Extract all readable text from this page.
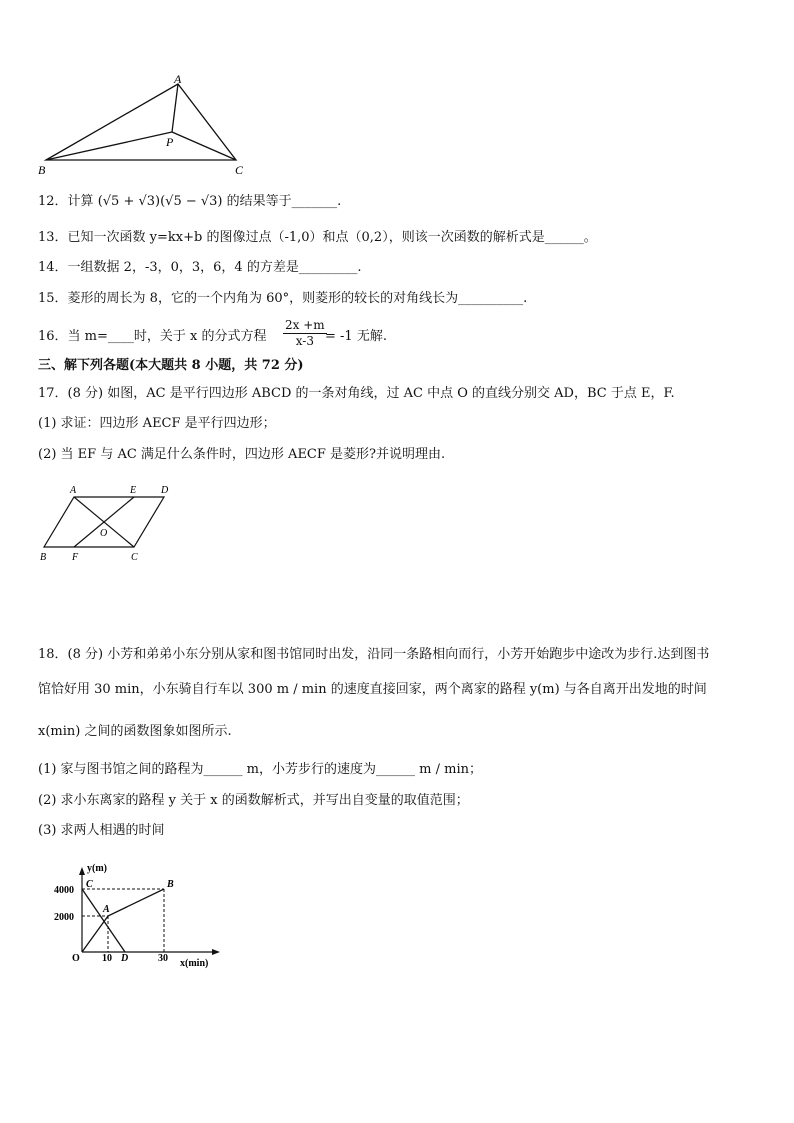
A
B	C
P
12．计算 (√5 + √3)(√5 − √3) 的结果等于_______.
13．已知一次函数 y=kx+b 的图像过点（-1,0）和点（0,2），则该一次函数的解析式是______。
14．一组数据 2，-3，0，3，6，4 的方差是_________.
15．菱形的周长为 8，它的一个内角为 60°，则菱形的较长的对角线长为__________.
16．当 m=____时，关于 x 的分式方程 $\frac{2x +m}{x-3}$
= -1 无解.
三、解下列各题(本大题共 8 小题，共 72 分)
17．(8 分) 如图，AC 是平行四边形 ABCD 的一条对角线，过 AC 中点 O 的直线分别交 AD，BC 于点 E，F.
(1) 求证：四边形 AECF 是平行四边形；
(2) 当 EF 与 AC 满足什么条件时，四边形 AECF 是菱形?并说明理由.
A	E D
O
B	F	C
18．(8 分) 小芳和弟弟小东分别从家和图书馆同时出发，沿同一条路相向而行，小芳开始跑步中途改为步行.达到图书
馆恰好用 30 min，小东骑自行车以 300 m / min 的速度直接回家，两个离家的路程 y(m) 与各自离开出发地的时间
x(min) 之间的函数图象如图所示.
(1) 家与图书馆之间的路程为______ m，小芳步行的速度为______ m / min；
(2) 求小东离家的路程 y 关于 x 的函数解析式，并写出自变量的取值范围；
(3) 求两人相遇的时间
y(m)
x(min)
4000
2000
O 10 D	30
C	B
A
